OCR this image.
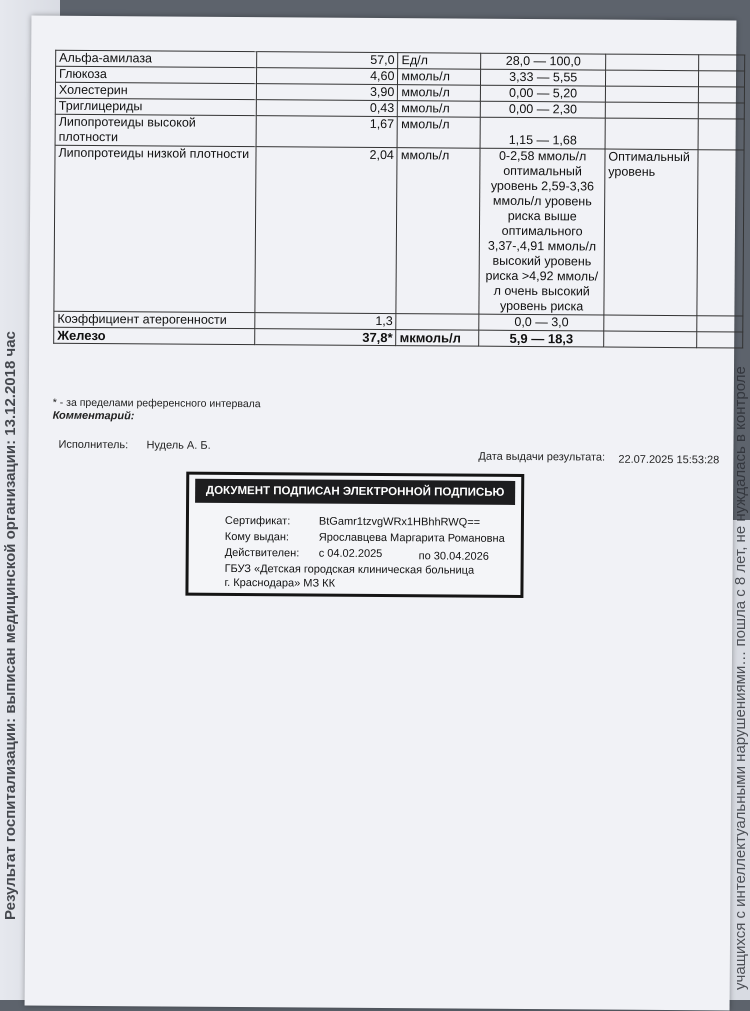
Результат госпитализации: выписан медицинской организации: 13.12.2018 час	учащихся с интеллектуальными нарушениями… пошла с 8 лет, не нуждалась в контроле
Альфа-амилаза	57,0	Ед/л	28,0 — 100,0		
Глюкоза	4,60	ммоль/л	3,33 — 5,55		
Холестерин	3,90	ммоль/л	0,00 — 5,20		
Триглицериды	0,43	ммоль/л	0,00 — 2,30		
Липопротеиды высокой плотности	1,67	ммоль/л	1,15 — 1,68		
Липопротеиды низкой плотности	2,04	ммоль/л	0-2,58 ммоль/л оптимальный уровень 2,59-3,36 ммоль/л уровень риска выше оптимального 3,37-,4,91 ммоль/л высокий уровень риска >4,92 ммоль/л очень высокий уровень риска	Оптимальный уровень	
Коэффициент атерогенности	1,3		0,0 — 3,0		
Железо	37,8*	мкмоль/л	5,9 — 18,3		
* - за пределами референсного интервала
Комментарий:
Исполнитель: Нудель А. Б.
Дата выдачи результата: 22.07.2025 15:53:28
ДОКУМЕНТ ПОДПИСАН ЭЛЕКТРОННОЙ ПОДПИСЬЮ
Сертификат:	BtGamr1tzvgWRx1HBhhRWQ==
Кому выдан:	Ярославцева Маргарита Романовна
Действителен: с 04.02.2025	по 30.04.2026
ГБУЗ «Детская городская клиническая больница
г. Краснодара» МЗ КК
